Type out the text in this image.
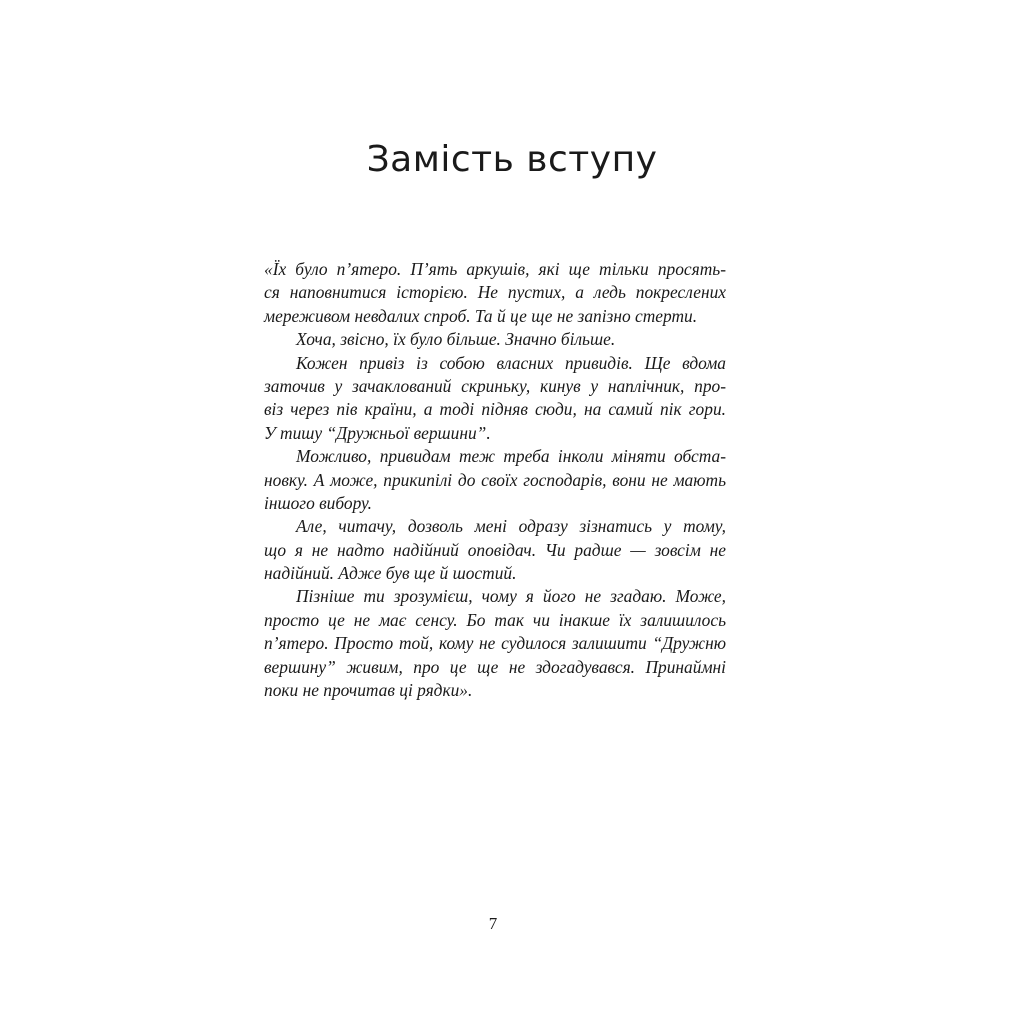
Замість вступу
«Їх було п’ятеро. П’ять аркушів, які ще тільки просять-
ся наповнитися історією. Не пустих, а ледь покреслених
мереживом невдалих спроб. Та й це ще не запізно стерти.
Хоча, звісно, їх було більше. Значно більше.
Кожен привіз із собою власних привидів. Ще вдома
заточив у зачаклований скриньку, кинув у наплічник, про-
віз через пів країни, а тоді підняв сюди, на самий пік гори.
У тишу “Дружньої вершини”.
Можливо, привидам теж треба інколи міняти обста-
новку. А може, прикипілі до своїх господарів, вони не мають
іншого вибору.
Але, читачу, дозволь мені одразу зізнатись у тому,
що я не надто надійний оповідач. Чи радше — зовсім не
надійний. Адже був ще й шостий.
Пізніше ти зрозумієш, чому я його не згадаю. Може,
просто це не має сенсу. Бо так чи інакше їх залишилось
п’ятеро. Просто той, кому не судилося залишити “Дружню
вершину” живим, про це ще не здогадувався. Принаймні
поки не прочитав ці рядки».
7
